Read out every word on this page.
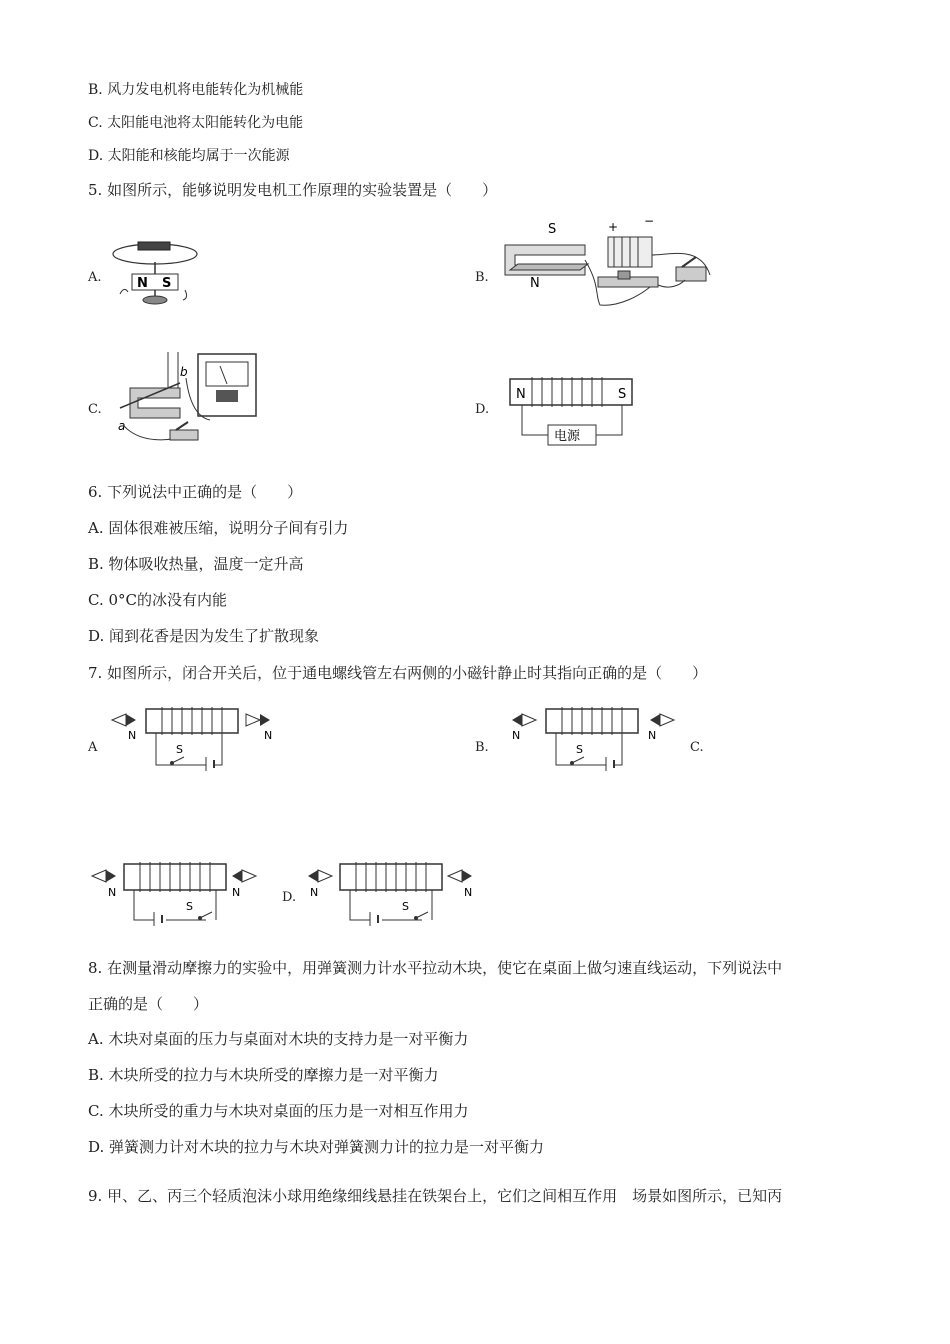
B. 风力发电机将电能转化为机械能
C. 太阳能电池将太阳能转化为电能
D. 太阳能和核能均属于一次能源
5. 如图所示，能够说明发电机工作原理的实验装置是（　　）
A.	N S	B.
S
N
+ −
C.
b
a
D.
N	S
电源
6. 下列说法中正确的是（　　）
A. 固体很难被压缩，说明分子间有引力
B. 物体吸收热量，温度一定升高
C. 0°C的冰没有内能
D. 闻到花香是因为发生了扩散现象
7. 如图所示，闭合开关后，位于通电螺线管左右两侧的小磁针静止时其指向正确的是（　　）
A
N	N
S	B.
N	N
S	C.
N	N
S
D. N	N
S
8. 在测量滑动摩擦力的实验中，用弹簧测力计水平拉动木块，使它在桌面上做匀速直线运动，下列说法中
正确的是（　　）
A. 木块对桌面的压力与桌面对木块的支持力是一对平衡力
B. 木块所受的拉力与木块所受的摩擦力是一对平衡力
C. 木块所受的重力与木块对桌面的压力是一对相互作用力
D. 弹簧测力计对木块的拉力与木块对弹簧测力计的拉力是一对平衡力
9. 甲、乙、丙三个轻质泡沫小球用绝缘细线悬挂在铁架台上，它们之间相互作用　场景如图所示，已知丙
